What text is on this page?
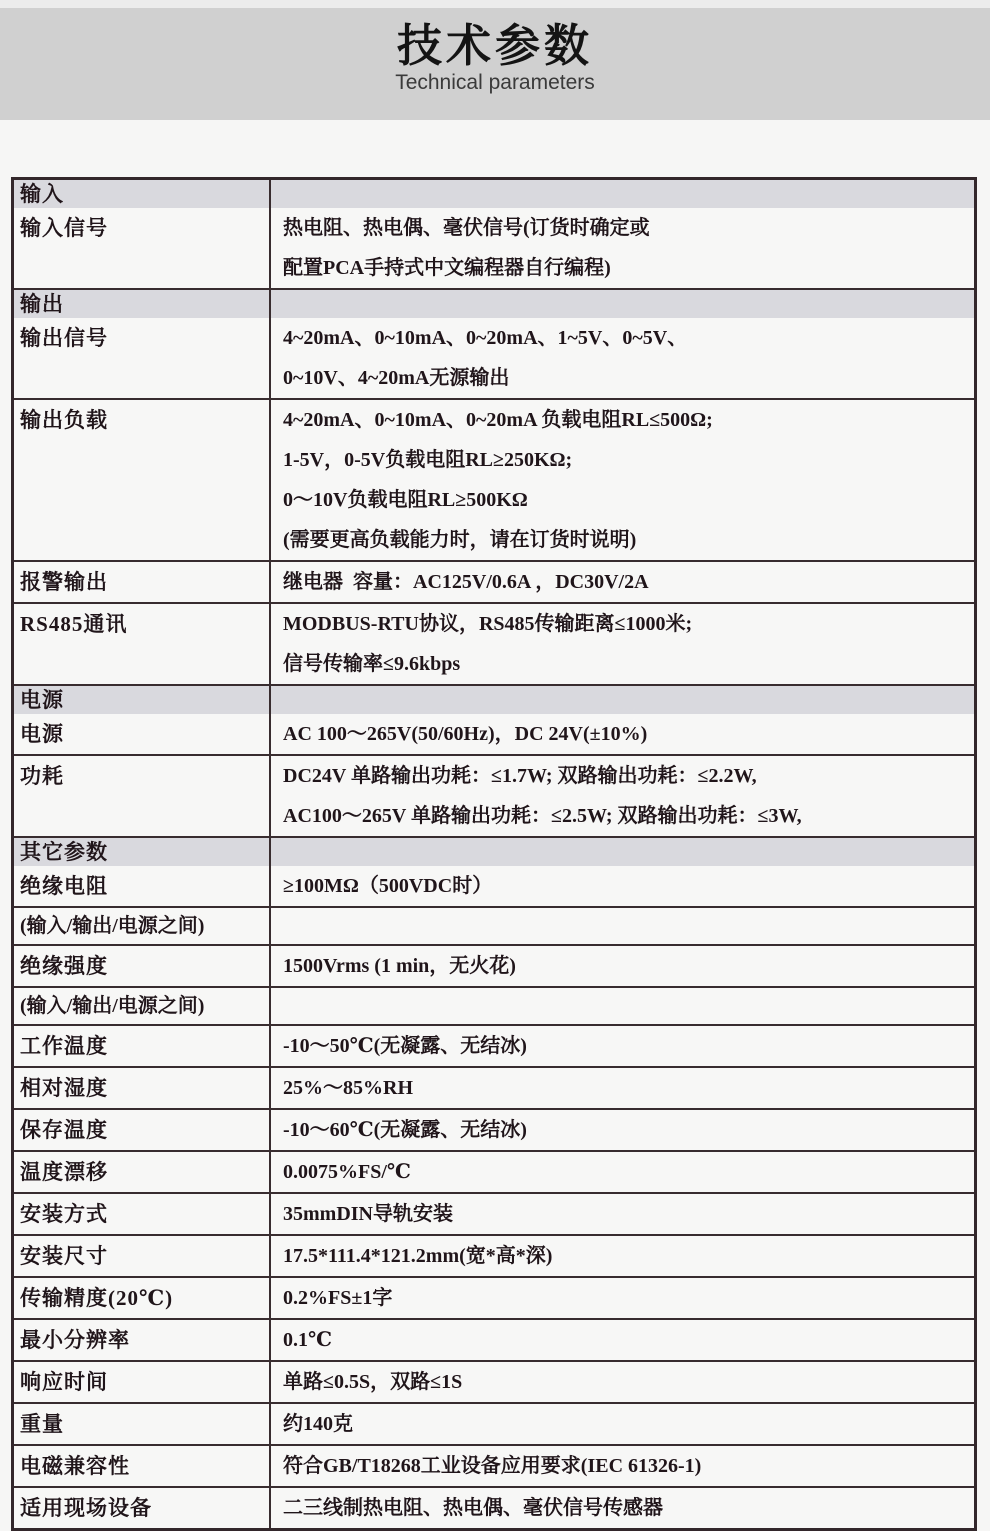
技术参数
Technical parameters
输入
输入信号	热电阻、热电偶、毫伏信号(订货时确定或
配置PCA手持式中文编程器自行编程)
输出
输出信号	4~20mA、0~10mA、0~20mA、1~5V、0~5V、
0~10V、4~20mA无源输出
输出负载	4~20mA、0~10mA、0~20mA 负载电阻RL≤500Ω;
1-5V，0-5V负载电阻RL≥250KΩ;
0～10V负载电阻RL≥500KΩ
(需要更高负载能力时，请在订货时说明)
报警输出	继电器  容量：AC125V/0.6A ，DC30V/2A
RS485通讯	MODBUS-RTU协议，RS485传输距离≤1000米;
信号传输率≤9.6kbps
电源
电源	AC 100～265V(50/60Hz)，DC 24V(±10%)
功耗	DC24V 单路输出功耗：≤1.7W; 双路输出功耗：≤2.2W,
AC100～265V 单路输出功耗：≤2.5W; 双路输出功耗：≤3W,
其它参数
绝缘电阻	≥100MΩ（500VDC时）
(输入/输出/电源之间)
绝缘强度	1500Vrms (1 min，无火花)
(输入/输出/电源之间)
工作温度	-10～50℃(无凝露、无结冰)
相对湿度	25%～85%RH
保存温度	-10～60℃(无凝露、无结冰)
温度漂移	0.0075%FS/℃
安装方式	35mmDIN导轨安装
安装尺寸	17.5*111.4*121.2mm(宽*高*深)
传输精度(20℃)	0.2%FS±1字
最小分辨率	0.1℃
响应时间	单路≤0.5S，双路≤1S
重量	约140克
电磁兼容性	符合GB/T18268工业设备应用要求(IEC 61326-1)
适用现场设备	二三线制热电阻、热电偶、毫伏信号传感器
